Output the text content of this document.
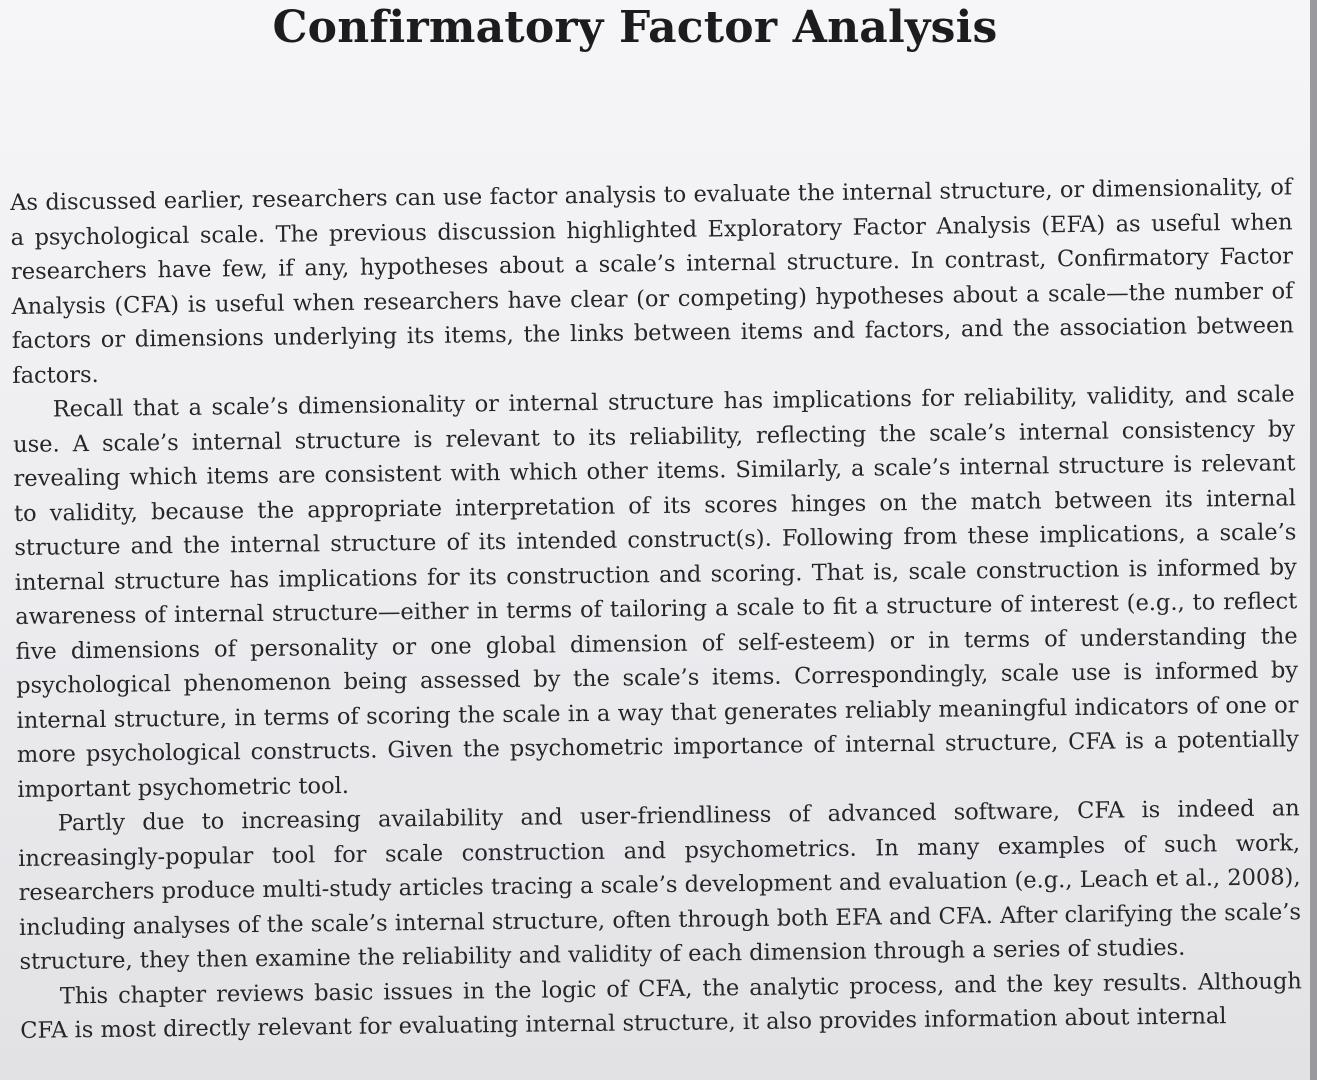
Confirmatory Factor Analysis

As discussed earlier, researchers can use factor analysis to evaluate the internal structure, or dimensionality, of a psychological scale. The previous discussion highlighted Exploratory Factor Analysis (EFA) as useful when researchers have few, if any, hypotheses about a scale’s internal structure. In contrast, Confirmatory Factor Analysis (CFA) is useful when researchers have clear (or competing) hypotheses about a scale—the number of factors or dimensions underlying its items, the links between items and factors, and the association between factors.

Recall that a scale’s dimensionality or internal structure has implications for reliability, validity, and scale use. A scale’s internal structure is relevant to its reliability, reflecting the scale’s internal consistency by revealing which items are consistent with which other items. Similarly, a scale’s internal structure is relevant to validity, because the appropriate interpretation of its scores hinges on the match between its internal structure and the internal structure of its intended construct(s). Following from these implications, a scale’s internal structure has implications for its construction and scoring. That is, scale construction is informed by awareness of internal structure—either in terms of tailoring a scale to fit a structure of interest (e.g., to reflect five dimensions of personality or one global dimension of self-esteem) or in terms of understanding the psychological phenomenon being assessed by the scale’s items. Correspondingly, scale use is informed by internal structure, in terms of scoring the scale in a way that generates reliably meaningful indicators of one or more psychological constructs. Given the psychometric importance of internal structure, CFA is a potentially important psychometric tool.

Partly due to increasing availability and user-friendliness of advanced software, CFA is indeed an increasingly-popular tool for scale construction and psychometrics. In many examples of such work, researchers produce multi-study articles tracing a scale’s development and evaluation (e.g., Leach et al., 2008), including analyses of the scale’s internal structure, often through both EFA and CFA. After clarifying the scale’s structure, they then examine the reliability and validity of each dimension through a series of studies.

This chapter reviews basic issues in the logic of CFA, the analytic process, and the key results. Although CFA is most directly relevant for evaluating internal structure, it also provides information about internal
